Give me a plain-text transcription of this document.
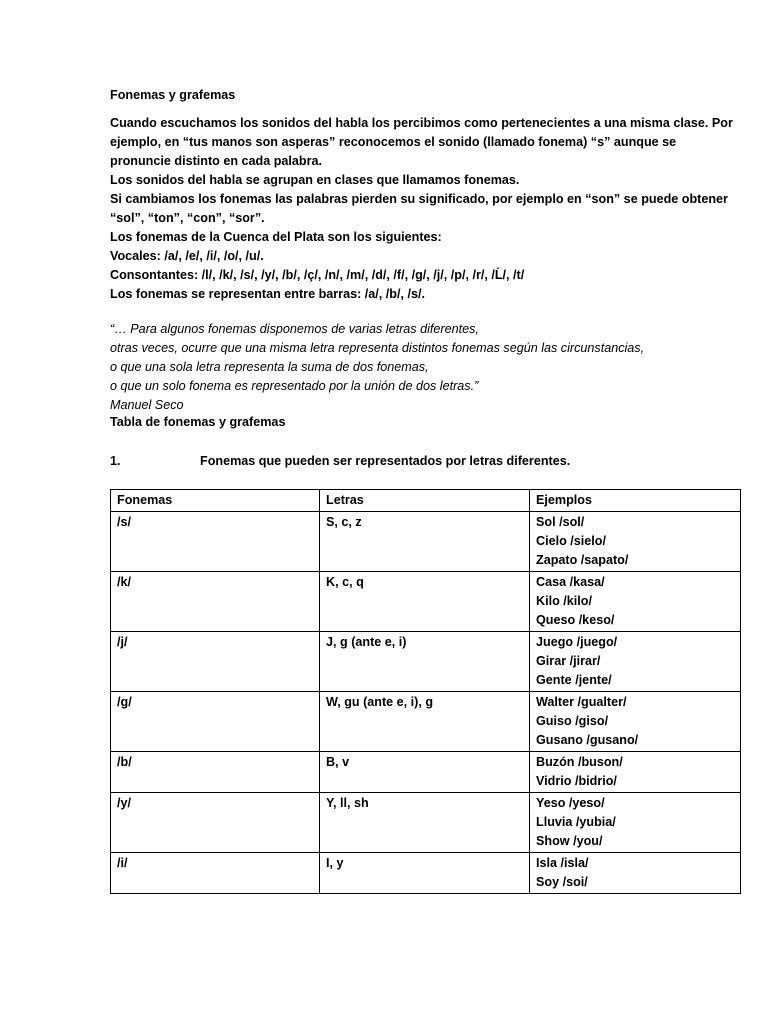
Fonemas y grafemas

Cuando escuchamos los sonidos del habla los percibimos como pertenecientes a una misma clase. Por ejemplo, en “tus manos son asperas” reconocemos el sonido (llamado fonema) “s” aunque se pronuncie distinto en cada palabra.

Los sonidos del habla se agrupan en clases que llamamos fonemas.

Si cambiamos los fonemas las palabras pierden su significado, por ejemplo en “son” se puede obtener “sol”, “ton”, “con”, “sor”.

Los fonemas de la Cuenca del Plata son los siguientes:

Vocales: /a/, /e/, /i/, /o/, /u/.

Consontantes: /l/, /k/, /s/, /y/, /b/, /ç/, /n/, /m/, /d/, /f/, /g/, /j/, /p/, /r/, /Ĺ/, /t/

Los fonemas se representan entre barras: /a/, /b/, /s/.

“… Para algunos fonemas disponemos de varias letras diferentes,

otras veces, ocurre que una misma letra representa distintos fonemas según las circunstancias,

o que una sola letra representa la suma de dos fonemas,

o que un solo fonema es representado por la unión de dos letras.”

Manuel Seco

Tabla de fonemas y grafemas
1.	Fonemas que pueden ser representados por letras diferentes.
Fonemas	Letras	Ejemplos
/s/	S, c, z	Sol /sol/
Cielo /sielo/
Zapato /sapato/

/k/	K, c, q	Casa /kasa/
Kilo /kilo/
Queso /keso/

/j/	J, g (ante e, i)	Juego /juego/
Girar /jirar/
Gente /jente/

/g/	W, gu (ante e, i), g	Walter /gualter/
Guiso /giso/
Gusano /gusano/

/b/	B, v	Buzón /buson/
Vidrio /bidrio/

/y/	Y, ll, sh	Yeso /yeso/
Lluvia /yubia/
Show /you/

/i/	I, y	Isla /isla/
Soy /soi/
